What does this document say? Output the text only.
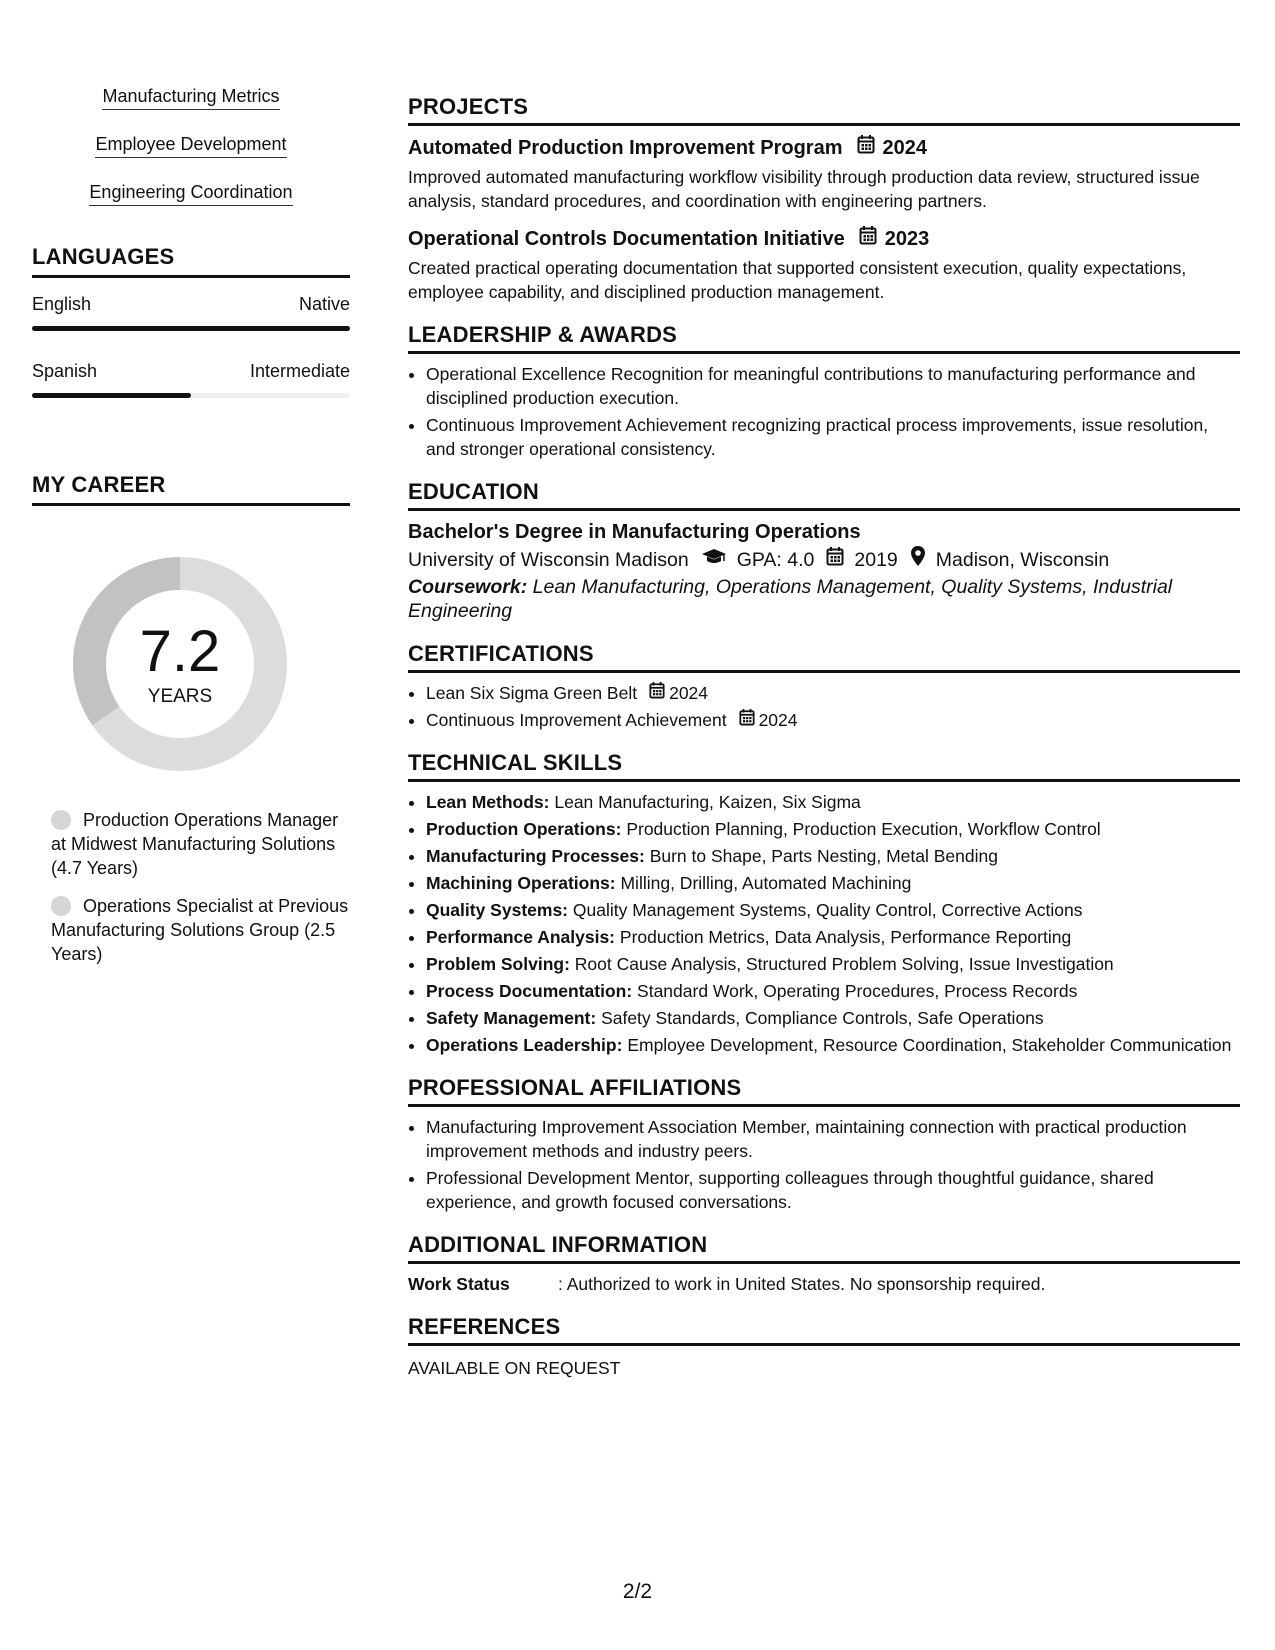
Manufacturing Metrics
Employee Development
Engineering Coordination
LANGUAGES
English	Native
Spanish	Intermediate
MY CAREER
7.2
YEARS
Production Operations Manager at Midwest Manufacturing Solutions (4.7 Years)
Operations Specialist at Previous Manufacturing Solutions Group (2.5 Years)
PROJECTS
Automated Production Improvement Program 2024
Improved automated manufacturing workflow visibility through production data review, structured issue analysis, standard procedures, and coordination with engineering partners.
Operational Controls Documentation Initiative 2023
Created practical operating documentation that supported consistent execution, quality expectations, employee capability, and disciplined production management.
LEADERSHIP & AWARDS
• Operational Excellence Recognition for meaningful contributions to manufacturing performance and disciplined production execution.
• Continuous Improvement Achievement recognizing practical process improvements, issue resolution, and stronger operational consistency.
EDUCATION
Bachelor's Degree in Manufacturing Operations
University of Wisconsin Madison GPA: 4.0 2019 Madison, Wisconsin
Coursework: Lean Manufacturing, Operations Management, Quality Systems, Industrial Engineering
CERTIFICATIONS
• Lean Six Sigma Green Belt 2024
• Continuous Improvement Achievement 2024
TECHNICAL SKILLS
• Lean Methods: Lean Manufacturing, Kaizen, Six Sigma
• Production Operations: Production Planning, Production Execution, Workflow Control
• Manufacturing Processes: Burn to Shape, Parts Nesting, Metal Bending
• Machining Operations: Milling, Drilling, Automated Machining
• Quality Systems: Quality Management Systems, Quality Control, Corrective Actions
• Performance Analysis: Production Metrics, Data Analysis, Performance Reporting
• Problem Solving: Root Cause Analysis, Structured Problem Solving, Issue Investigation
• Process Documentation: Standard Work, Operating Procedures, Process Records
• Safety Management: Safety Standards, Compliance Controls, Safe Operations
• Operations Leadership: Employee Development, Resource Coordination, Stakeholder Communication
PROFESSIONAL AFFILIATIONS
• Manufacturing Improvement Association Member, maintaining connection with practical production improvement methods and industry peers.
• Professional Development Mentor, supporting colleagues through thoughtful guidance, shared experience, and growth focused conversations.
ADDITIONAL INFORMATION
Work Status	: Authorized to work in United States. No sponsorship required.
REFERENCES
AVAILABLE ON REQUEST
2/2
